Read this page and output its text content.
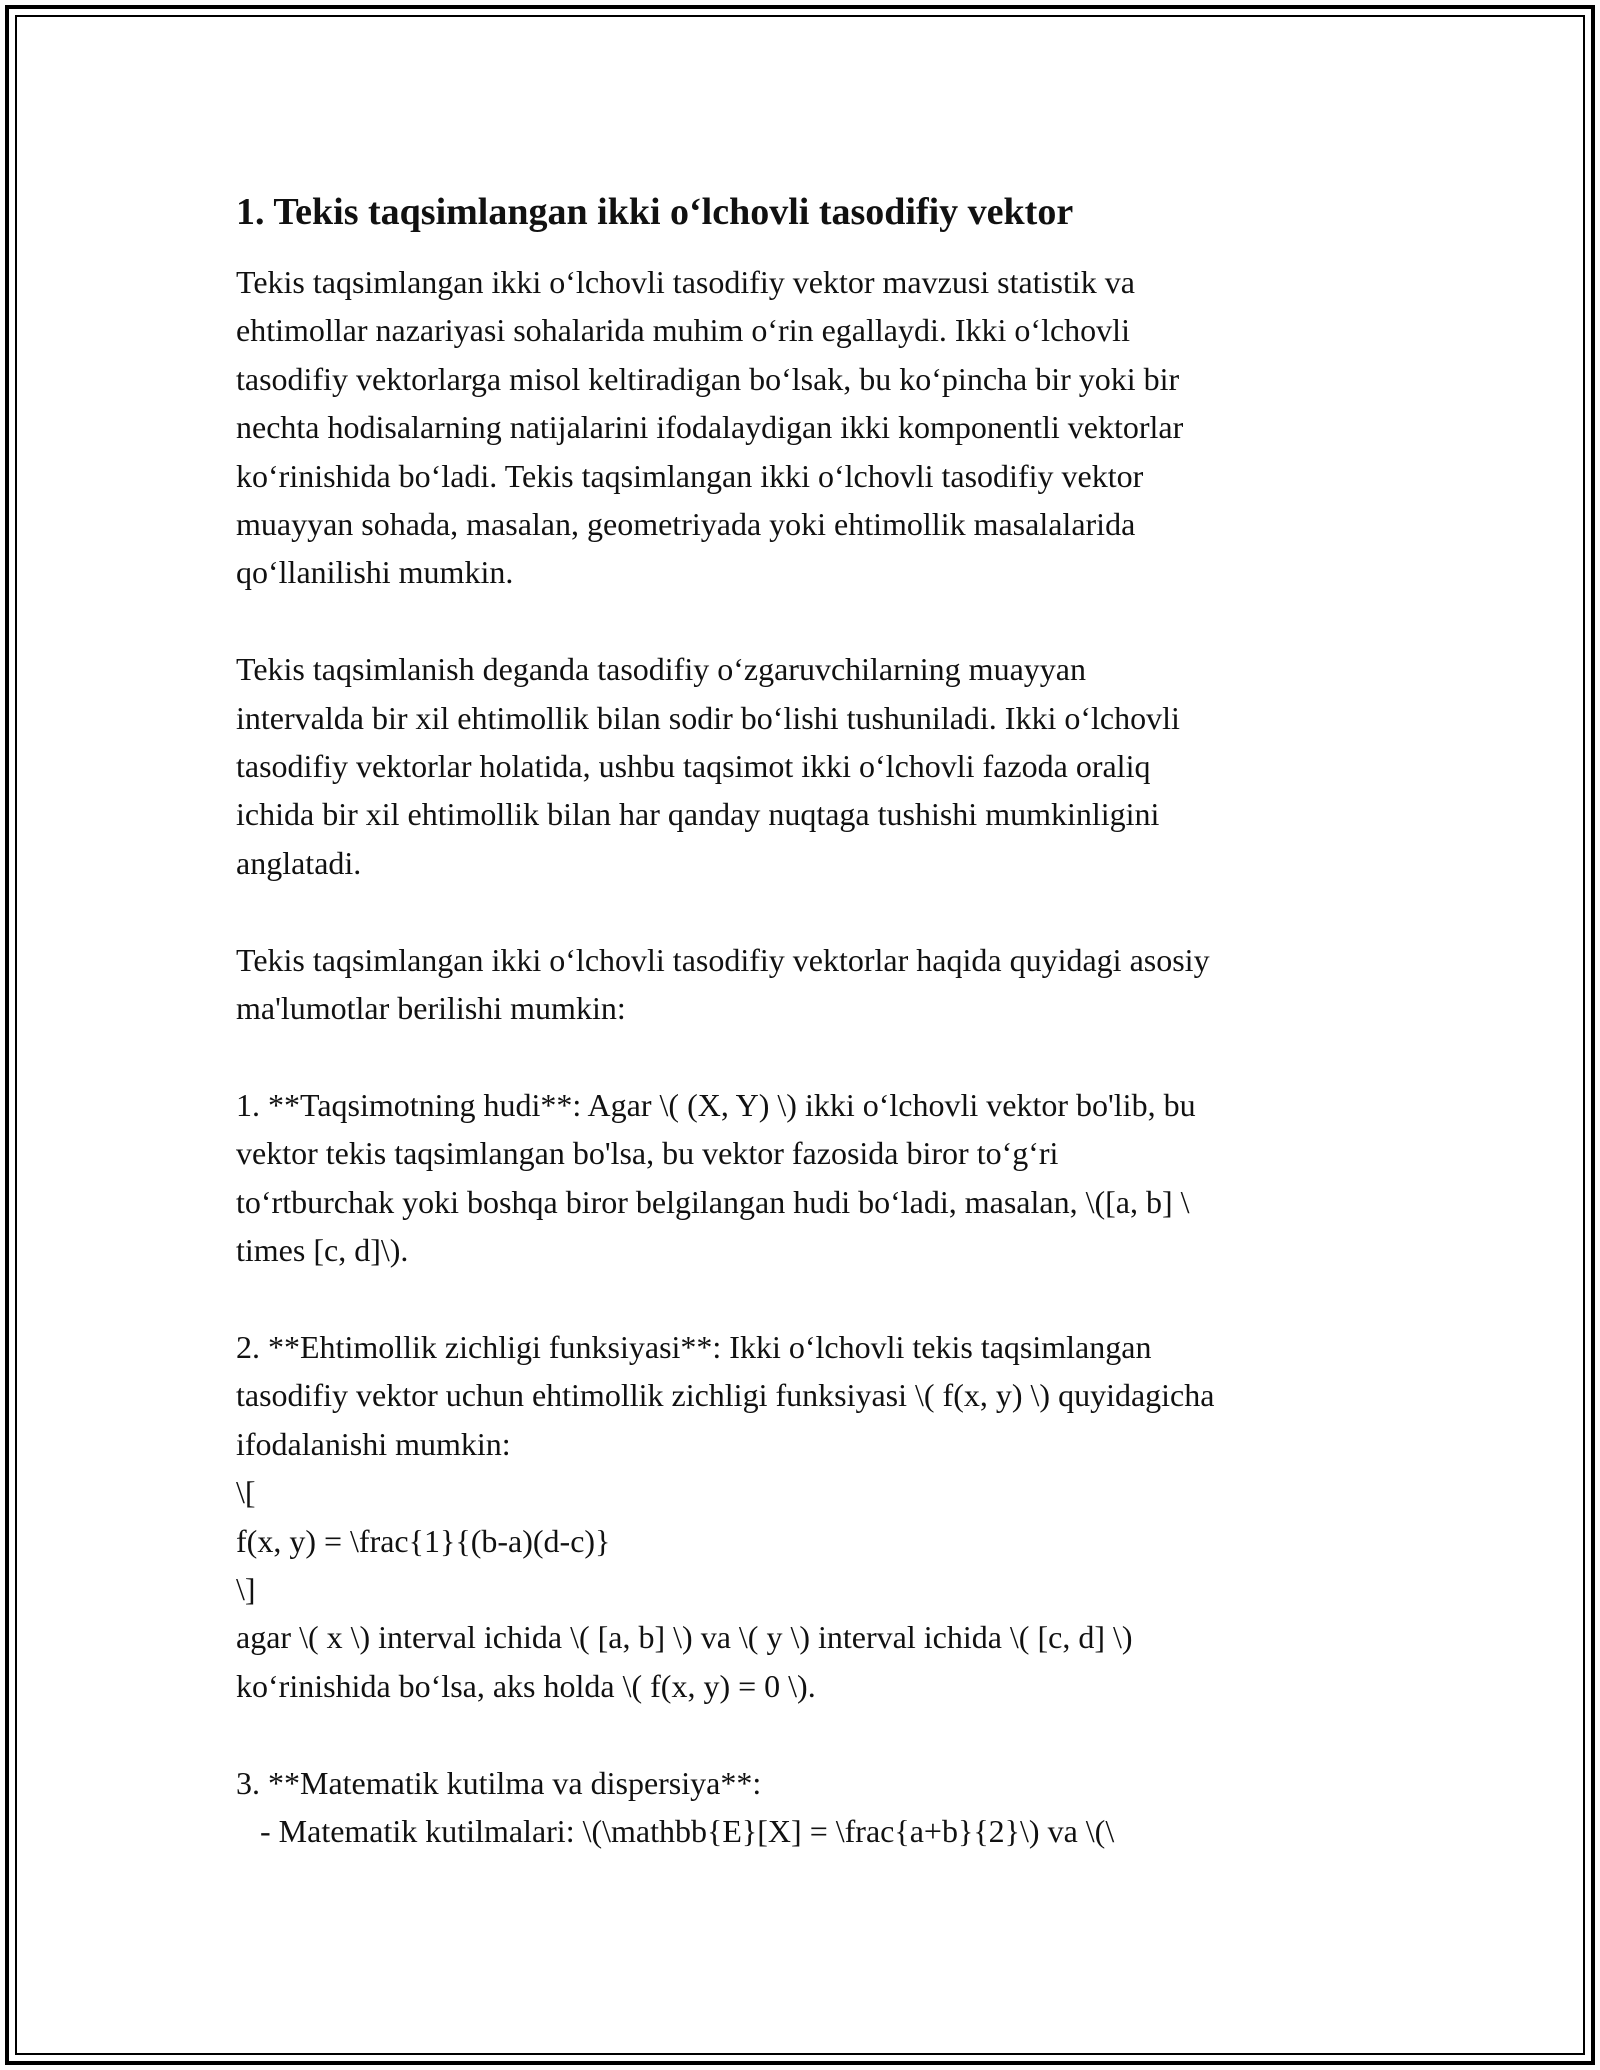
1. Tekis taqsimlangan ikki o‘lchovli tasodifiy vektor

Tekis taqsimlangan ikki o‘lchovli tasodifiy vektor mavzusi statistik va
ehtimollar nazariyasi sohalarida muhim o‘rin egallaydi. Ikki o‘lchovli
tasodifiy vektorlarga misol keltiradigan bo‘lsak, bu ko‘pincha bir yoki bir
nechta hodisalarning natijalarini ifodalaydigan ikki komponentli vektorlar
ko‘rinishida bo‘ladi. Tekis taqsimlangan ikki o‘lchovli tasodifiy vektor
muayyan sohada, masalan, geometriyada yoki ehtimollik masalalarida
qo‘llanilishi mumkin.

Tekis taqsimlanish deganda tasodifiy o‘zgaruvchilarning muayyan
intervalda bir xil ehtimollik bilan sodir bo‘lishi tushuniladi. Ikki o‘lchovli
tasodifiy vektorlar holatida, ushbu taqsimot ikki o‘lchovli fazoda oraliq
ichida bir xil ehtimollik bilan har qanday nuqtaga tushishi mumkinligini
anglatadi.

Tekis taqsimlangan ikki o‘lchovli tasodifiy vektorlar haqida quyidagi asosiy
ma'lumotlar berilishi mumkin:

1. **Taqsimotning hudi**: Agar \( (X, Y) \) ikki o‘lchovli vektor bo'lib, bu
vektor tekis taqsimlangan bo'lsa, bu vektor fazosida biror to‘g‘ri
to‘rtburchak yoki boshqa biror belgilangan hudi bo‘ladi, masalan, \([a, b] \
times [c, d]\).

2. **Ehtimollik zichligi funksiyasi**: Ikki o‘lchovli tekis taqsimlangan
tasodifiy vektor uchun ehtimollik zichligi funksiyasi \( f(x, y) \) quyidagicha
ifodalanishi mumkin:
\[
f(x, y) = \frac{1}{(b-a)(d-c)}
\]
agar \( x \) interval ichida \( [a, b] \) va \( y \) interval ichida \( [c, d] \)
ko‘rinishida bo‘lsa, aks holda \( f(x, y) = 0 \).

3. **Matematik kutilma va dispersiya**:
- Matematik kutilmalari: \(\mathbb{E}[X] = \frac{a+b}{2}\) va \(\
